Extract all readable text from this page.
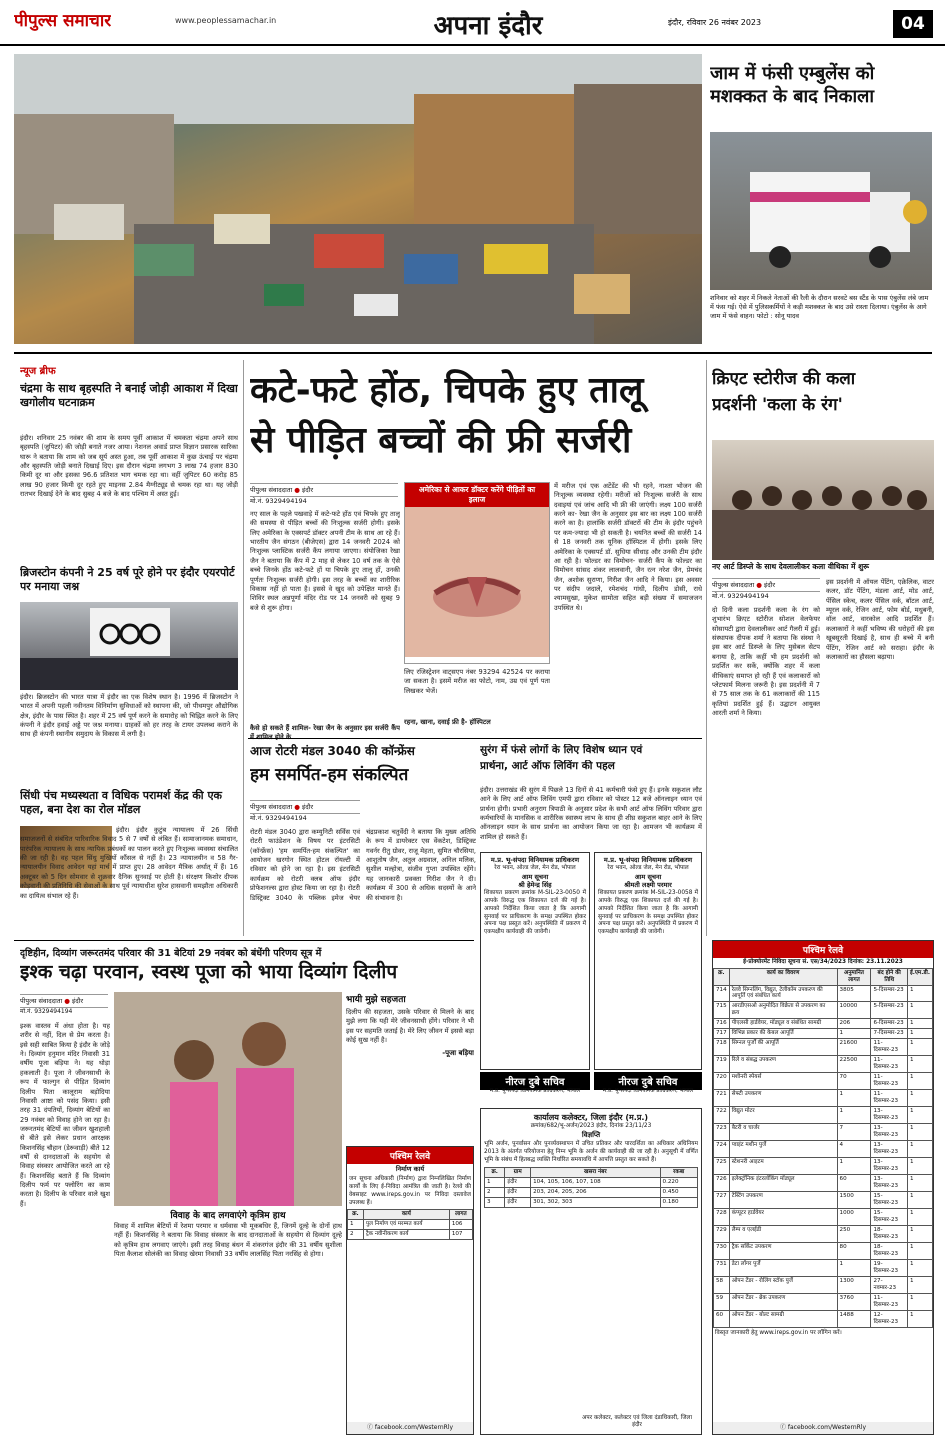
पीपुल्स समाचार	www.peoplessamachar.in	अपना इंदौर	इंदौर, रविवार 26 नवंबर 2023	04
जाम में फंसी एम्बुलेंस को
मशक्कत के बाद निकाला
शनिवार को शहर में निकले नेताओं की रैली के दौरान सरवटे बस स्टैंड के पास एंबुलेंस लंबे जाम में फंस गई। ऐसे में पुलिसकर्मियों ने कड़ी मशक्कत के बाद उसे रास्ता दिलाया। एंबुलेंस के आगे जाम में फंसे वाहन। फोटो : सोनू यादव
न्यूज ब्रीफ
चंद्रमा के साथ बृहस्पति ने बनाई जोड़ी आकाश में दिखा खगोलीय घटनाक्रम
इंदौर। शनिवार 25 नवंबर की शाम के समय पूर्वी आकाश में चमकता चंद्रमा अपने साथ बृहस्पति (जुपिटर) की जोड़ी बनाते नजर आया। नेशनल अवार्ड प्राप्त विज्ञान प्रसारक सारिका घारू ने बताया कि शाम को जब सूर्य अस्त हुआ, तब पूर्वी आकाश में कुछ ऊंचाई पर चंद्रमा और बृहस्पति जोड़ी बनाते दिखाई दिए। इस दौरान चंद्रमा लगभग 3 लाख 74 हजार 830 किमी दूर था और इसका 96.6 प्रतिशत भाग चमक रहा था। वहीं जुपिटर 60 करोड़ 85 लाख 90 हजार किमी दूर रहते हुए माइनस 2.84 मैग्नीट्यूड से चमक रहा था। यह जोड़ी रातभर दिखाई देने के बाद सुबह 4 बजे के बाद पश्चिम में अस्त हुई।
ब्रिजस्टोन कंपनी ने 25 वर्ष पूरे होने पर इंदौर एयरपोर्ट पर मनाया जश्न
इंदौर। ब्रिजस्टोन की भारत यात्रा में इंदौर का एक विशेष स्थान है। 1996 में ब्रिजस्टोन ने भारत में अपनी पहली नवीनतम विनिर्माण सुविधाओं को स्थापना की, जो पीथमपुर औद्योगिक क्षेत्र, इंदौर के पास स्थित है। शहर में 25 वर्ष पूर्ण करने के समारोह को चिह्नित करने के लिए कंपनी ने इंदौर हवाई अड्डे पर जश्न मनाया। ग्राहकों को हर तरह के टायर उपलब्ध कराने के साथ ही कंपनी स्थानीय समुदाय के विकास में लगी है।
सिंधी पंच मध्यस्थता व विधिक परामर्श केंद्र की एक पहल, बना देश का रोल मॉडल
इंदौर। इंदौर कुटुंब न्यायालय में 26 सिंधी समाजजनों से संबंधित पारिवारिक विवाद 5 से 7 वर्षों से लंबित हैं। सामाजानमक समाधान, पारंपरिक न्यायालय के साथ न्यायिक प्रबंधकों का पालन करते हुए निःशुल्क व्यवस्था संचालित की जा रही है। वह पहल सिंधु मुखियों कौंसल से नहीं है। 23 न्यायालयीन व 58 गैर-न्यायालयीन विवाद आवेदन यहां मार्च में प्राप्त हुए। 28 आवेदन मैत्रिक अर्थात् में हैं। 16 अक्टूबर को 5 दिन सोमवार से शुक्रवार दैनिक सुनवाई पर होती है। संरक्षण किशोर दीपक कोड़वानी की प्रतिनिधि की सेवाओं के साथ पूर्व न्यायाधीश सुरेश हासवानी समझौता अधिकारी का दायित्व संभाल रहे हैं।
कटे-फटे होंठ, चिपके हुए तालू
से पीड़ित बच्चों की फ्री सर्जरी
पीपुल्स संवाददाता ● इंदौर
मो.नं. 9329494194
नए साल के पहले पखवाड़े में कटे-फटे होंठ एवं चिपके हुए तालू की समस्या से पीड़ित बच्चों की निःशुल्क सर्जरी होगी। इसके लिए अमेरिका के एक्सपर्ट डॉक्टर अपनी टीम के साथ आ रहे हैं। भारतीय जैन संगठन (बीजेएस) द्वारा 14 जनवरी 2024 को निःशुल्क प्लास्टिक सर्जरी कैंप लगाया जाएगा। संयोजिका रेखा जैन ने बताया कि कैंप में 2 माह से लेकर 10 वर्ष तक के ऐसे बच्चे जिनके होंठ कटे-फटे हों या चिपके हुए तालू हों, उनकी पूर्णतः निःशुल्क सर्जरी होगी। इस तरह के बच्चों का शारीरिक विकास नहीं हो पाता है। इससे वे खुद को उपेक्षित मानते हैं। शिविर स्थल अन्नपूर्णा मंदिर रोड पर 14 जनवरी को सुबह 9 बजे से शुरू होगा।
कैसे हो सकते हैं शामिल- रेखा जैन के अनुसार इस सर्जरी कैंप
अमेरिका से आकर डॉक्टर करेंगे पीड़ितों का इलाज
लिए रजिस्ट्रेशन वाट्सएप नंबर 93294 42524 पर कराया जा सकता है। इसमें मरीज का फोटो, नाम, उम्र एवं पूर्ण पता लिखकर भेजें।
रहना, खाना, दवाई फ्री है- हॉस्पिटल
में मरीज एवं एक अटेंडेंट की भी रहने, नाश्ता भोजन की निःशुल्क व्यवस्था रहेगी। मरीजों को निःशुल्क सर्जरी के साथ दवाइयां एवं जांच आदि भी फ्री की जाएंगी। लक्ष्य 100 सर्जरी करने का- रेखा जैन के अनुसार इस बार का लक्ष्य 100 सर्जरी करने का है। हालांकि सर्जरी डॉक्टरों की टीम के इंदौर पहुंचने पर कम-ज्यादा भी हो सकती है। चयनित बच्चों की सर्जरी 14 से 18 जनवरी तक यूनिक हॉस्पिटल में होगी। इसके लिए अमेरिका के एक्सपर्ट डॉ. सुधिया सीधाड़ और उनकी टीम इंदौर आ रही है। फोल्डर का विमोचन- सर्जरी कैंप के फोल्डर का विमोचन सांसद शंकर लालवानी, जैन रत्न नरेश जैन, प्रेमचंद जैन, अशोक सुराणा, गिरीश जैन आदि ने किया। इस अवसर पर संदीप जदाले, रमेशचंद गांधी, दिलीप डोसी, राधे श्यामसुखा, मुकेश सामोता सहित बड़ी संख्या में समाजजन उपस्थित थे।
क्रिएट स्टोरीज की कला
प्रदर्शनी 'कला के रंग'
नए आर्ट डिस्प्ले के साथ देवलालीकर कला वीथिका में शुरू
पीपुल्स संवाददाता ● इंदौर
मो.नं. 9329494194
दो दिनी कला प्रदर्शनी कला के रंग को शुभारंभ क्रिएट स्टोरीज सोशल वेलफेयर सोसायटी द्वारा देवलालीकर आर्ट गैलरी में हुई। संस्थापक दीपक शर्मा ने बताया कि संस्था ने इस बार आर्ट डिस्प्ले के लिए मुसेबल सेटप बनाया है, ताकि कहीं भी हम प्रदर्शनी को प्रदर्शित कर सकें, क्योंकि शहर में कला वीथिकाएं समाप्त हो रही हैं एवं कलाकारों को प्लेटफार्म मिलना जरूरी है। इस प्रदर्शनी में 7 से 75 साल तक के 61 कलाकारों की 115 कृतियां प्रदर्शित हुई हैं। उद्घाटन आयुक्त आरती शर्मा ने किया।
इस प्रदर्शनी में ऑयल पेंटिंग, एक्रेलिक, वाटर कलर, डॉट पेंटिंग, मंडला आर्ट, मोड आर्ट, पेंसिल स्केच, कलर पेंसिल वर्क, बॉटल आर्ट, म्यूरल वर्क, रेजिन आर्ट, फोम बोर्ड, मधुबनी, वॉल आर्ट, वारकोल आदि प्रदर्शित हैं। कलाकारों ने कहीं भविष्य की धरोहरों की इस खूबसूरती दिखाई है, साथ ही बच्चे में बनी पेंटिंग, रेजिन आर्ट को सराहा। इंदौर के कलाकारों का हौसला बढ़ाया।
आज रोटरी मंडल 3040 की कॉन्फ्रेंस
हम समर्पित-हम संकल्पित
पीपुल्स संवाददाता ● इंदौर
मो.नं. 9329494194
रोटरी मंडल 3040 द्वारा कम्युनिटी सर्विस एवं रोटरी फाउंडेशन के विषय पर इंटरसिटी (कॉन्फ्रेंस) 'हम समर्पित-हम संकल्पित' का आयोजन खरगोन स्थित होटल रॉयल्टी में रविवार को होने जा रहा है। इस इंटरसिटी कार्यक्रम को रोटरी क्लब ऑफ इंदौर प्रोफेशनल्स द्वारा होस्ट किया जा रहा है। रोटरी डिस्ट्रिक्ट 3040 के पब्लिक इमेज चेयर चंद्रप्रकाश चतुर्वेदी ने बताया कि मुख्य अतिथि के रूप में डायरेक्टर एस वेंकटेश, डिस्ट्रिक्ट गवर्नर रीतु ग्रोवर, राजू मेहता, सुमित चौरसिया, आशुतोष जैन, अतुल अग्रवाल, अनिल मलिक, सुशील मल्होत्रा, संजीव गुप्ता उपस्थित रहेंगे। यह जानकारी प्रवक्ता गिरीश जैन ने दी। कार्यक्रम में 300 से अधिक सदस्यों के आने की संभावना है।
सुरंग में फंसे लोगों के लिए विशेष ध्यान एवं
प्रार्थना, आर्ट ऑफ लिविंग की पहल
इंदौर। उत्तराखंड की सुरंग में पिछले 13 दिनों से 41 कर्मचारी फंसे हुए हैं। इनके सकुशल लौट आने के लिए आर्ट ऑफ लिविंग एमपी द्वारा रविवार को पोस्टर 12 बजे ऑनलाइन ध्यान एवं प्रार्थना होगी। प्रभारी अनुराग त्रिपाठी के अनुसार प्रदेश के सभी आर्ट ऑफ लिविंग परिवार द्वारा कर्मचारियों के मानसिक व शारीरिक स्वास्थ्य लाभ के साथ ही शीघ्र सकुशल बाहर आने के लिए ऑनलाइन ध्यान के साथ प्रार्थना का आयोजन किया जा रहा है। आमजन भी कार्यक्रम में शामिल हो सकते हैं।
म.प्र. भू-संपदा विनियामक प्राधिकरण
रेरा भवन, ओल्ड जेल, मेन रोड, भोपाल
आम सूचना
श्री हेमेन्द्र सिंह
शिकायत प्रकरण क्रमांक M-SIL-23-0050 में आपके विरुद्ध एक शिकायत दर्ज की गई है। आपको निर्देशित किया जाता है कि आगामी सुनवाई पर प्राधिकरण के समक्ष उपस्थित होकर अपना पक्ष प्रस्तुत करें। अनुपस्थिति में प्रकरण में एकपक्षीय कार्यवाही की जावेगी।
नीरज दुबे सचिव
म.प्र. भू-संपदा विनियामक प्राधिकरण, भोपाल
म.प्र. भू-संपदा विनियामक प्राधिकरण
रेरा भवन, ओल्ड जेल, मेन रोड, भोपाल
आम सूचना
श्रीमती लक्ष्मी परमार
शिकायत प्रकरण क्रमांक M-SIL-23-0058 में आपके विरुद्ध एक शिकायत दर्ज की गई है। आपको निर्देशित किया जाता है कि आगामी सुनवाई पर प्राधिकरण के समक्ष उपस्थित होकर अपना पक्ष प्रस्तुत करें। अनुपस्थिति में प्रकरण में एकपक्षीय कार्यवाही की जावेगी।
नीरज दुबे सचिव
म.प्र. भू-संपदा विनियामक प्राधिकरण, भोपाल
पश्चिम रेलवे
ई-प्रोक्योरमेंट निविदा सूचना सं. एस/34/2023 दिनांक: 23.11.2023
क्र.	कार्य का विवरण	अनुमानित लागत	बंद होने की तिथि	ई.एम.डी.
714	रेलवे सिग्नलिंग, विद्युत, टेलीकॉम उपकरण की आपूर्ति एवं संबंधित कार्य	3805	5-दिसम्बर-23	1
715	आरडीएसओ अनुमोदित विक्रेता से उपकरण का क्रय	10000	5-दिसम्बर-23	1
716	पीएलसी हार्डवेयर, मॉड्यूल व संबंधित सामग्री	206	6-दिसम्बर-23	1
717	विभिन्न प्रकार की केबल आपूर्ति	1	7-दिसम्बर-23	1
718	सिग्नल पुर्जों की आपूर्ति	21600	11-दिसम्बर-23	1
719	रिले व संबद्ध उपकरण	22500	11-दिसम्बर-23	1
720	मशीनरी स्पेयर्स	70	11-दिसम्बर-23	1
721	सेफ्टी उपकरण	1	11-दिसम्बर-23	1
722	विद्युत मोटर	1	13-दिसम्बर-23	1
723	बैटरी व चार्जर	7	13-दिसम्बर-23	1
724	प्वाइंट मशीन पुर्जे	4	13-दिसम्बर-23	1
725	स्टेशनरी आइटम	1	13-दिसम्बर-23	1
726	इलेक्ट्रॉनिक इंटरलॉकिंग मॉड्यूल	60	13-दिसम्बर-23	1
727	टेस्टिंग उपकरण	1500	15-दिसम्बर-23	1
728	कंप्यूटर हार्डवेयर	1000	15-दिसम्बर-23	1
729	लैम्प व एलईडी	250	18-दिसम्बर-23	1
730	ट्रैक सर्किट उपकरण	80	18-दिसम्बर-23	1
731	डेटा लॉगर पुर्जे	1	19-दिसम्बर-23	1
58	ओपन टेंडर - रोलिंग स्टॉक पुर्जे	1300	27-नवम्बर-23	1
59	ओपन टेंडर - ब्रेक उपकरण	3760	11-दिसम्बर-23	1
60	ओपन टेंडर - बोल्ट सामग्री	1488	12-दिसम्बर-23	1
विस्तृत जानकारी हेतु www.ireps.gov.in पर लॉगिन करें।
ⓕ facebook.com/WesternRly
कार्यालय कलेक्टर, जिला इंदौर (म.प्र.)
क्रमांक/682/भू-अर्जन/2023 इंदौर, दिनांक 23/11/23
विज्ञप्ति
भूमि अर्जन, पुनर्वासन और पुनर्व्यवस्थापन में उचित प्रतिकर और पारदर्शिता का अधिकार अधिनियम 2013 के अंतर्गत परियोजना हेतु निम्न भूमि के अर्जन की कार्यवाही की जा रही है। अनुसूची में वर्णित भूमि के संबंध में हितबद्ध व्यक्ति निर्धारित समयावधि में आपत्ति प्रस्तुत कर सकते हैं।
क्र.	ग्राम	खसरा नंबर	रकबा
1	इंदौर	104, 105, 106, 107, 108	0.220
2	इंदौर	203, 204, 205, 206	0.450
3	इंदौर	301, 302, 303	0.180
अपर कलेक्टर, कलेक्टर एवं जिला दंडाधिकारी, जिला इंदौर
दृष्टिहीन, दिव्यांग जरूरतमंद परिवार की 31 बेटियां 29 नवंबर को बंधेंगी परिणय सूत्र में
इश्क चढ़ा परवान, स्वस्थ पूजा को भाया दिव्यांग दिलीप
पीपुल्स संवाददाता ● इंदौर
मो.नं. 9329494194
इश्क वास्तव में अंधा होता है। यह शरीर से नहीं, दिल से प्रेम करता है। इसे सही साबित किया है इंदौर के जोड़े ने। दिव्यांग हनुमान मंदिर निवासी 31 वर्षीय पूजा बड़िया ने। यह थोड़ा हकलाती है। पूजा ने जीवनसाथी के रूप में फाल्गुन से पीड़ित दिव्यांग दिलीप पिता कालूराम बड़ोदिया निवासी आष्टा को पसंद किया। इसी तरह 31 दंपतियों, दिव्यांग बेटियों का 29 नवंबर को विवाह होने जा रहा है। जरूरतमंद बेटियों का जीवन खुशहाली से बीते इसे लेकर प्रधान आरक्षक किशनसिंह चौहान (डेरूवाड़ी) बीते 12 वर्षों से दानदाताओं के सहयोग से विवाह संस्कार आयोजित करते आ रहे हैं। किशनसिंह बताते हैं कि दिव्यांग दिलीप फर्म पर फ्लोरिंग का काम करता है। दिलीप के परिवार वाले खुश हैं।
विवाह के बाद लगवाएंगे कृत्रिम हाथ
विवाह में शामिल बेटियों में रेशमा परमार व धर्मवास भी मूकबधिर हैं, जिनमें दूल्हे के दोनों हाथ नहीं हैं। किशनसिंह ने बताया कि विवाह संस्कार के बाद दानदाताओं के सहयोग से दिव्यांग दूल्हे को कृत्रिम हाथ लगवाए जाएंगे। इसी तरह विवाह बंधन में शंकरगंज इंदौर की 31 वर्षीय सुशीला पिता कैलाश सोलंकी का विवाह खेरमा निवासी 33 वर्षीय लालसिंह पिता नरसिंह से होगा।
भायी मुझे सहजता
दिलीप की सहजता, उसके परिवार से मिलने के बाद मुझे लगा कि यही मेरे जीवनसाथी होंगे। परिवार ने भी इस पर सहमति जताई है। मेरे लिए जीवन में इससे बड़ा कोई सुख नहीं है।
-पूजा बड़िया
पश्चिम रेलवे
निर्माण कार्य
जन सूचना अधिकारी (निर्माण) द्वारा निम्नलिखित निर्माण कार्यों के लिए ई-निविदा आमंत्रित की जाती है। रेलवे की वेबसाइट www.ireps.gov.in पर निविदा दस्तावेज उपलब्ध हैं।
क्र.	कार्य	लागत
1	पुल निर्माण एवं मरम्मत कार्य	106
2	ट्रैक नवीनीकरण कार्य	107
ⓕ facebook.com/WesternRly
